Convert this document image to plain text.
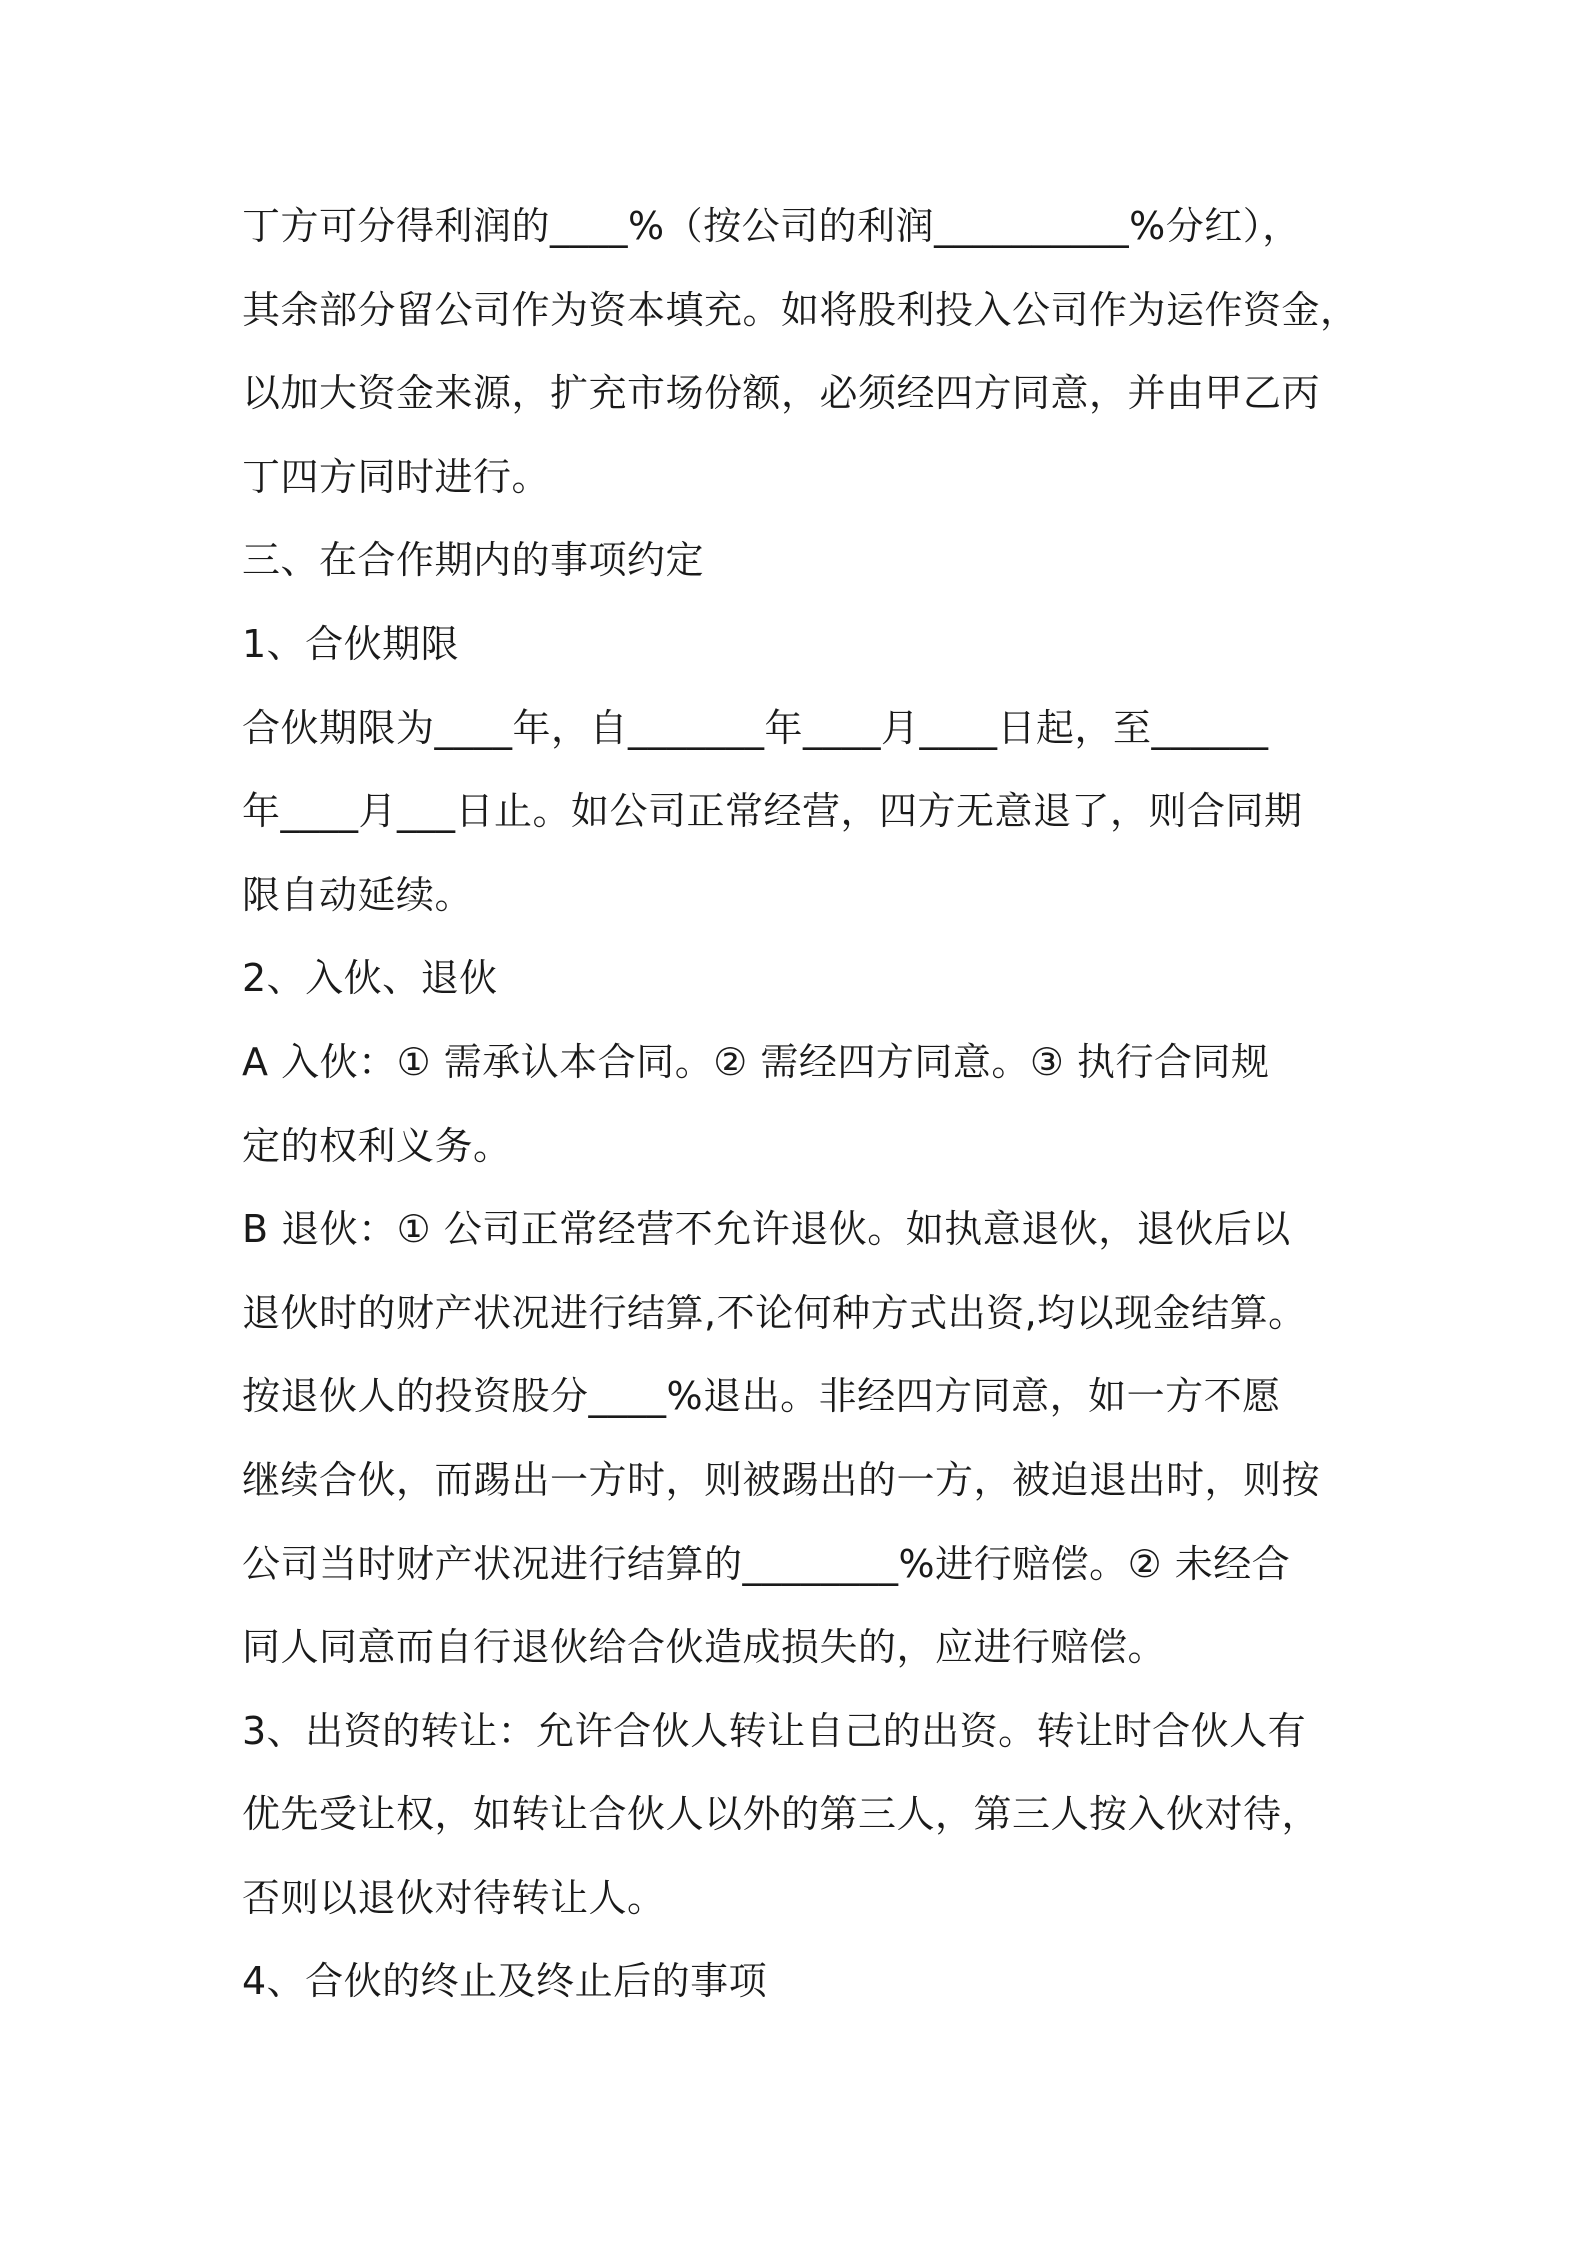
丁方可分得利润的____%（按公司的利润__________%分红），
其余部分留公司作为资本填充。如将股利投入公司作为运作资金，
以加大资金来源，扩充市场份额，必须经四方同意，并由甲乙丙
丁四方同时进行。
三、在合作期内的事项约定
1、合伙期限
合伙期限为____年，自_______年____月____日起，至______
年____月___日止。如公司正常经营，四方无意退了，则合同期
限自动延续。
2、入伙、退伙
A 入伙：① 需承认本合同。② 需经四方同意。③ 执行合同规
定的权利义务。
B 退伙：① 公司正常经营不允许退伙。如执意退伙，退伙后以
退伙时的财产状况进行结算,不论何种方式出资,均以现金结算。
按退伙人的投资股分____%退出。非经四方同意，如一方不愿
继续合伙，而踢出一方时，则被踢出的一方，被迫退出时，则按
公司当时财产状况进行结算的________%进行赔偿。② 未经合
同人同意而自行退伙给合伙造成损失的，应进行赔偿。
3、出资的转让：允许合伙人转让自己的出资。转让时合伙人有
优先受让权，如转让合伙人以外的第三人，第三人按入伙对待，
否则以退伙对待转让人。
4、合伙的终止及终止后的事项
